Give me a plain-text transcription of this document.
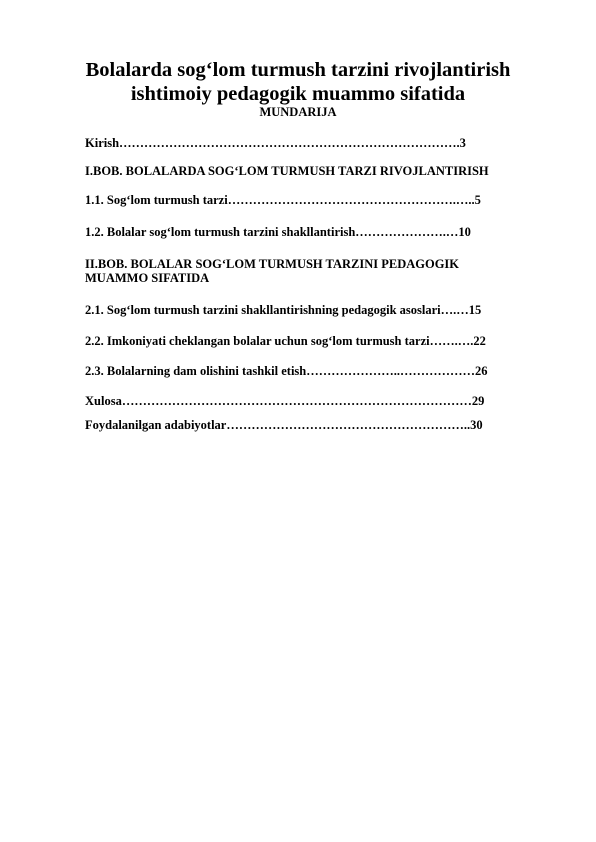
Bolalarda sog‘lom turmush tarzini rivojlantirish
ishtimoiy pedagogik muammo sifatida
MUNDARIJA
Kirish……………………………………………………………………….3
I.BOB. BOLALARDA SOG‘LOM TURMUSH TARZI RIVOJLANTIRISH
1.1. Sog‘lom turmush tarzi……………………………………………….…..5
1.2. Bolalar sog‘lom turmush tarzini shakllantirish………………….…10
II.BOB. BOLALAR SOG‘LOM TURMUSH TARZINI PEDAGOGIK MUAMMO SIFATIDA
2.1. Sog‘lom turmush tarzini shakllantirishning pedagogik asoslari….…15
2.2. Imkoniyati cheklangan bolalar uchun sog‘lom turmush tarzi…….….22
2.3. Bolalarning dam olishini tashkil etish…………………..………………26
Xulosa…………………………………………………………………………29
Foydalanilgan adabiyotlar…………………………………………………..30
